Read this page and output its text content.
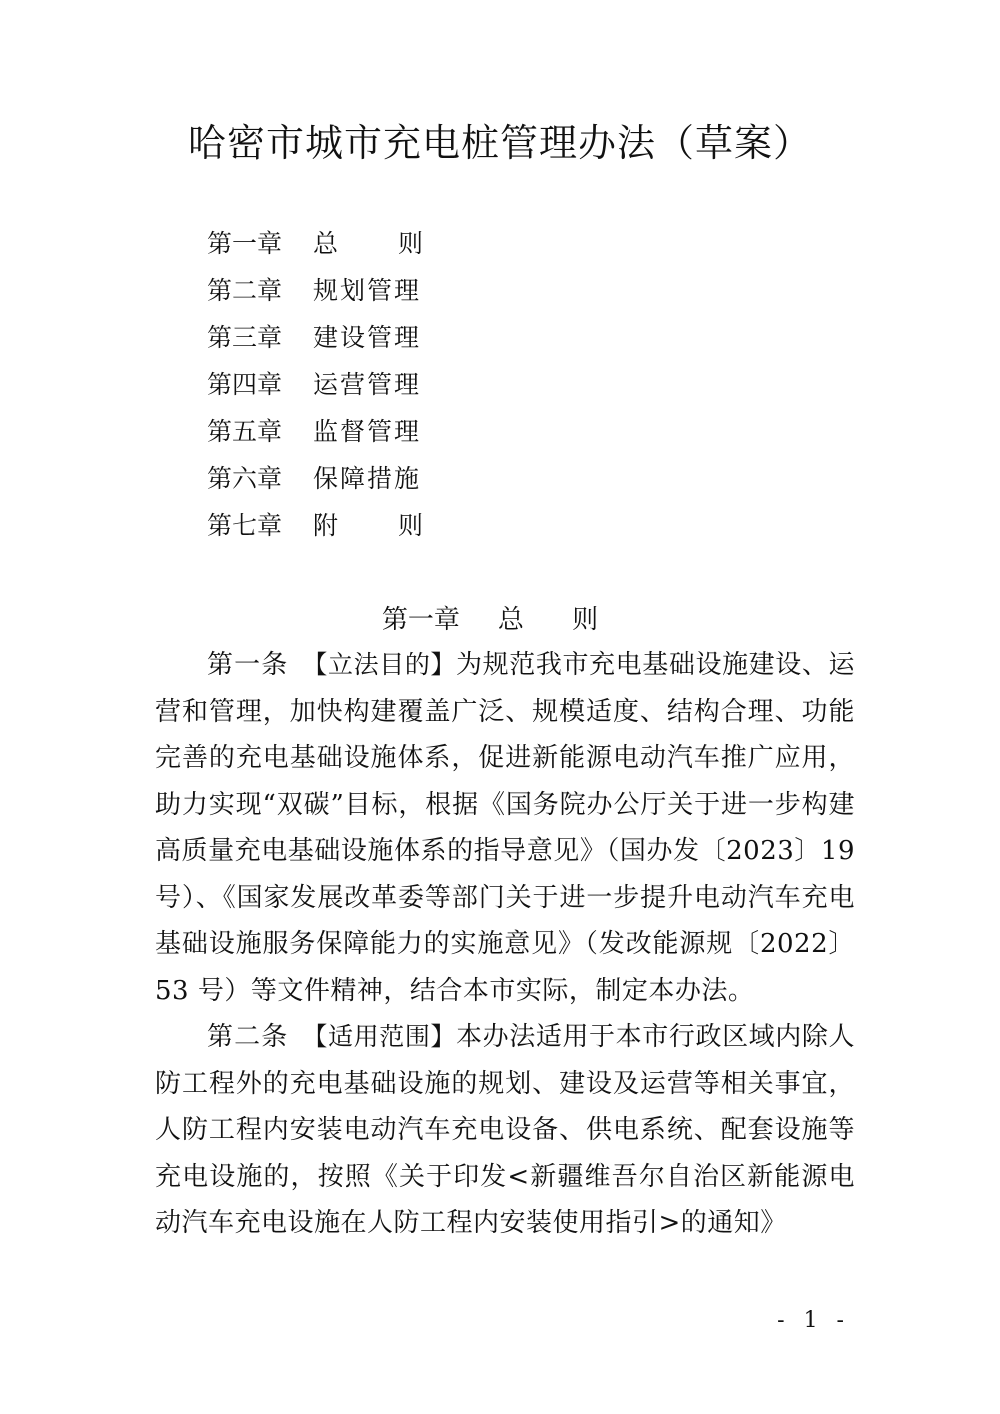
哈密市城市充电桩管理办法（草案）
第一章 总 则
第二章 规划管理
第三章 建设管理
第四章 运营管理
第五章 监督管理
第六章 保障措施
第七章 附 则
第一章 总 则

第一条　 【立法目的】为规范我市充电基础设施建设、运营和管理，加快构建覆盖广泛、规模适度、结构合理、功能完善的充电基础设施体系，促进新能源电动汽车推广应用，助力实现“双碳”目标，根据《国务院办公厅关于进一步构建高质量充电基础设施体系的指导意见》（国办发〔2023〕19 号）、《国家发展改革委等部门关于进一步提升电动汽车充电基础设施服务保障能力的实施意见》（发改能源规〔2022〕53 号）等文件精神，结合本市实际，制定本办法。

第二条　 【适用范围】本办法适用于本市行政区域内除人防工程外的充电基础设施的规划、建设及运营等相关事宜，人防工程内安装电动汽车充电设备、供电系统、配套设施等充电设施的，按照《关于印发<新疆维吾尔自治区新能源电动汽车充电设施在人防工程内安装使用指引>的通知》

- 1 -
